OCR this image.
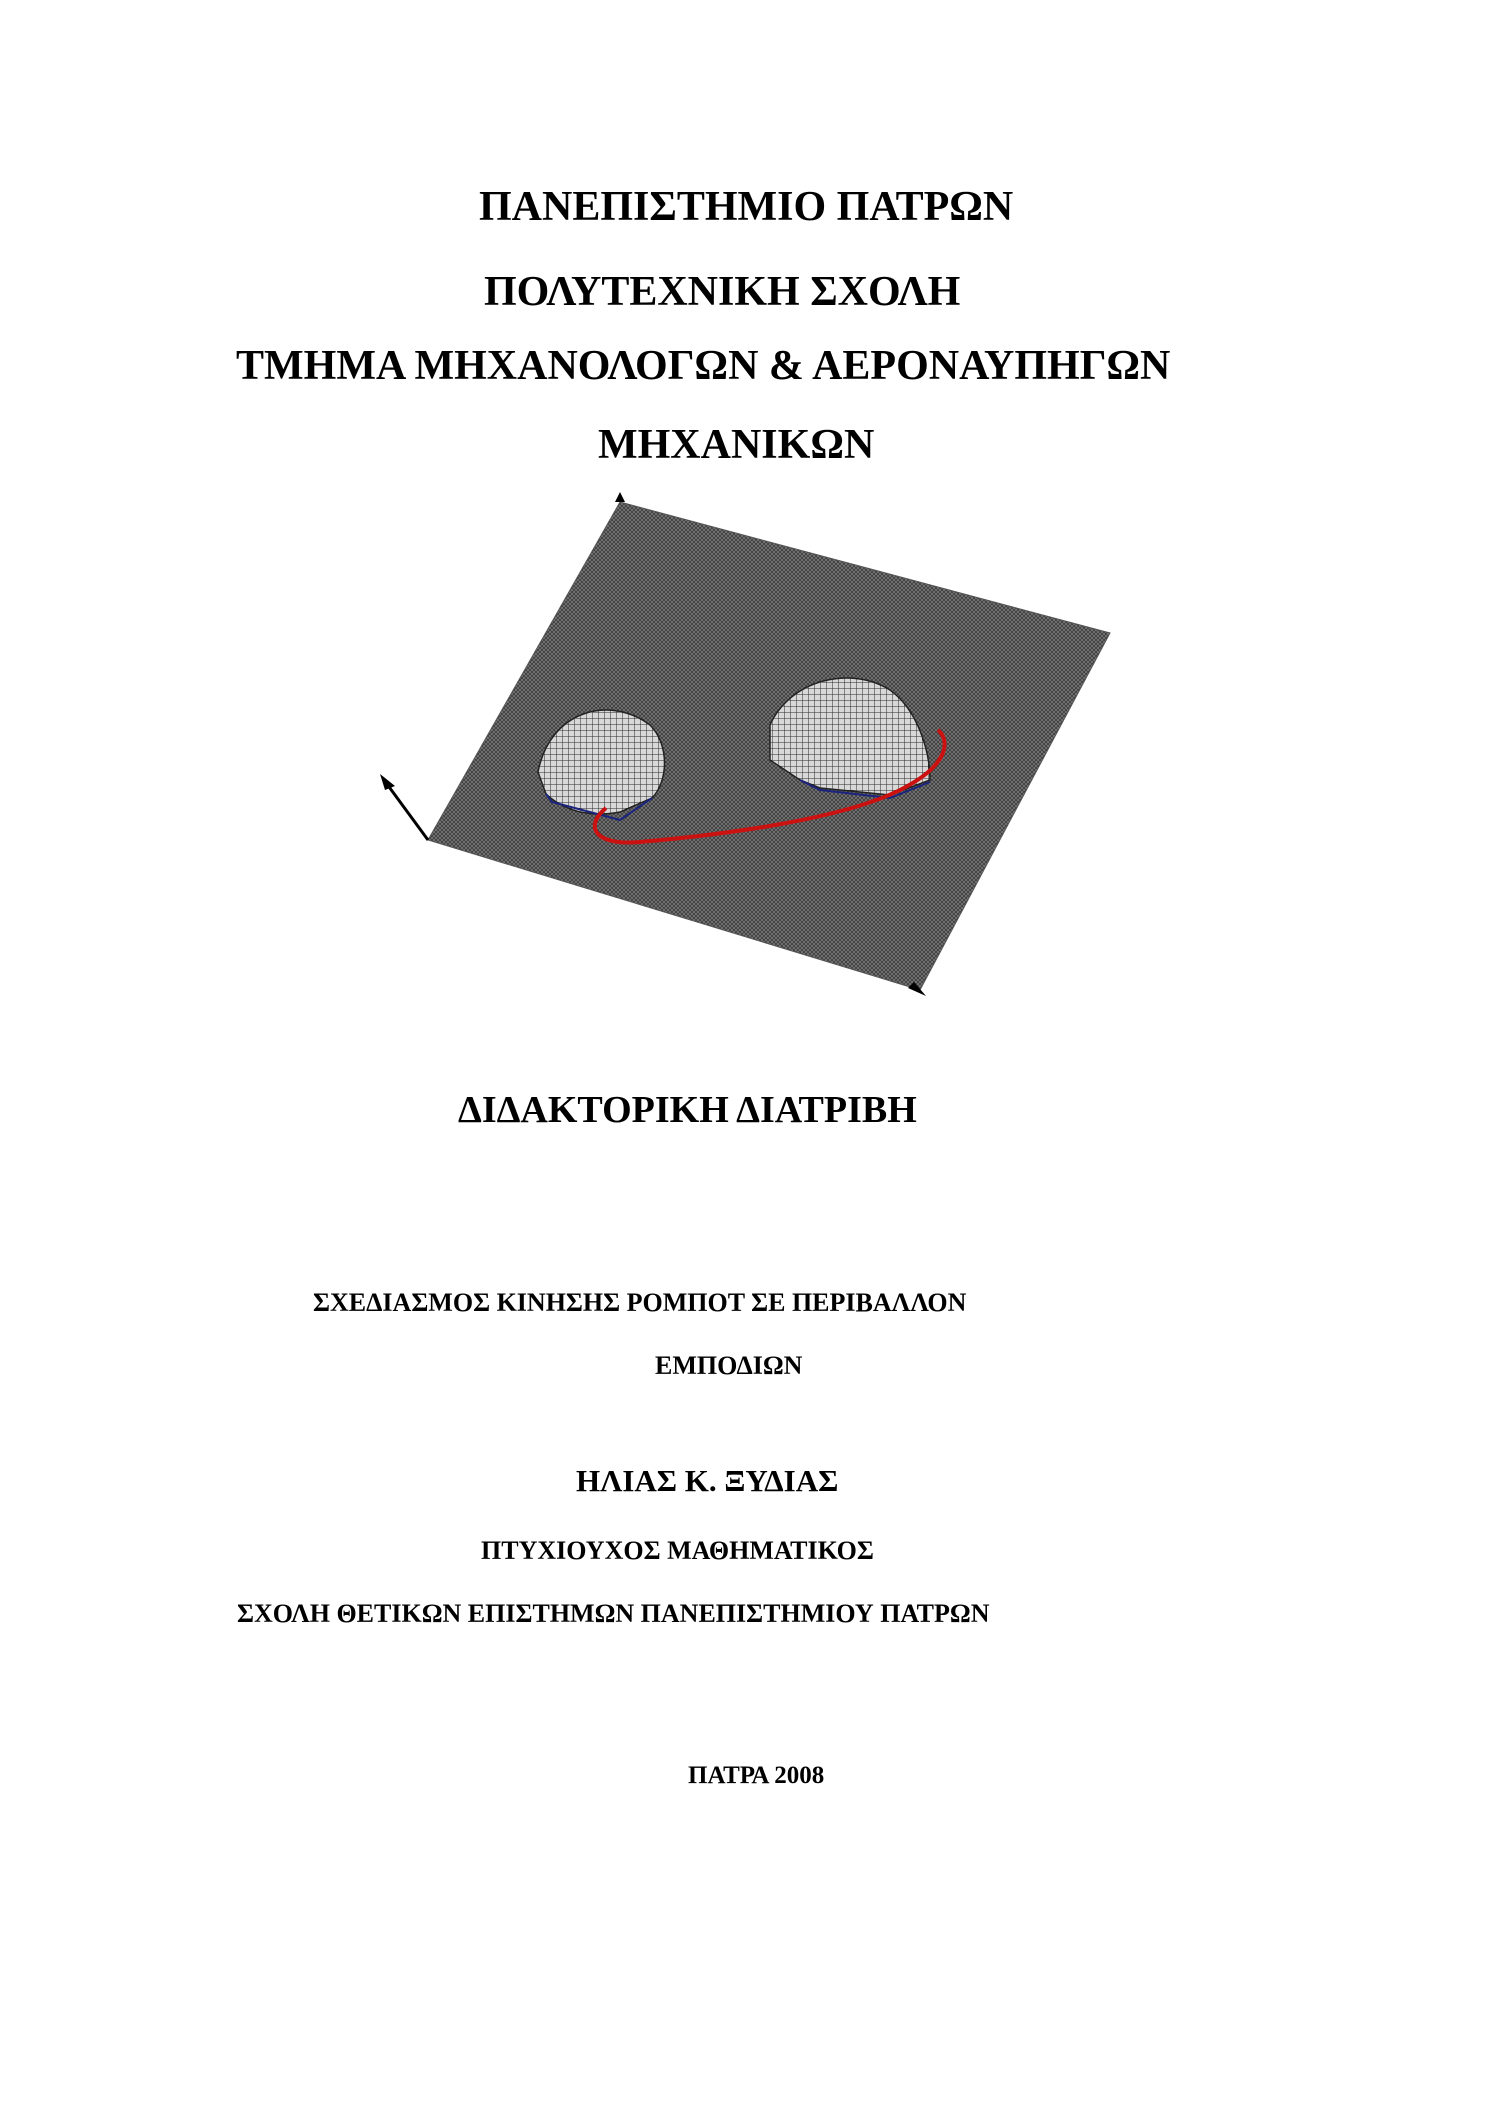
ΠΑΝΕΠΙΣΤΗΜΙΟ ΠΑΤΡΩΝ
ΠΟΛΥΤΕΧΝΙΚΗ ΣΧΟΛΗ
ΤΜΗΜΑ ΜΗΧΑΝΟΛΟΓΩΝ & ΑΕΡΟΝΑΥΠΗΓΩΝ
ΜΗΧΑΝΙΚΩΝ
ΔΙΔΑΚΤΟΡΙΚΗ ΔΙΑΤΡΙΒΗ
ΣΧΕΔΙΑΣΜΟΣ ΚΙΝΗΣΗΣ ΡΟΜΠΟΤ ΣΕ ΠΕΡΙΒΑΛΛΟΝ
ΕΜΠΟΔΙΩΝ
ΗΛΙΑΣ Κ. ΞΥΔΙΑΣ
ΠΤΥΧΙΟΥΧΟΣ ΜΑΘΗΜΑΤΙΚΟΣ
ΣΧΟΛΗ ΘΕΤΙΚΩΝ ΕΠΙΣΤΗΜΩΝ ΠΑΝΕΠΙΣΤΗΜΙΟΥ ΠΑΤΡΩΝ
ΠΑΤΡΑ 2008
